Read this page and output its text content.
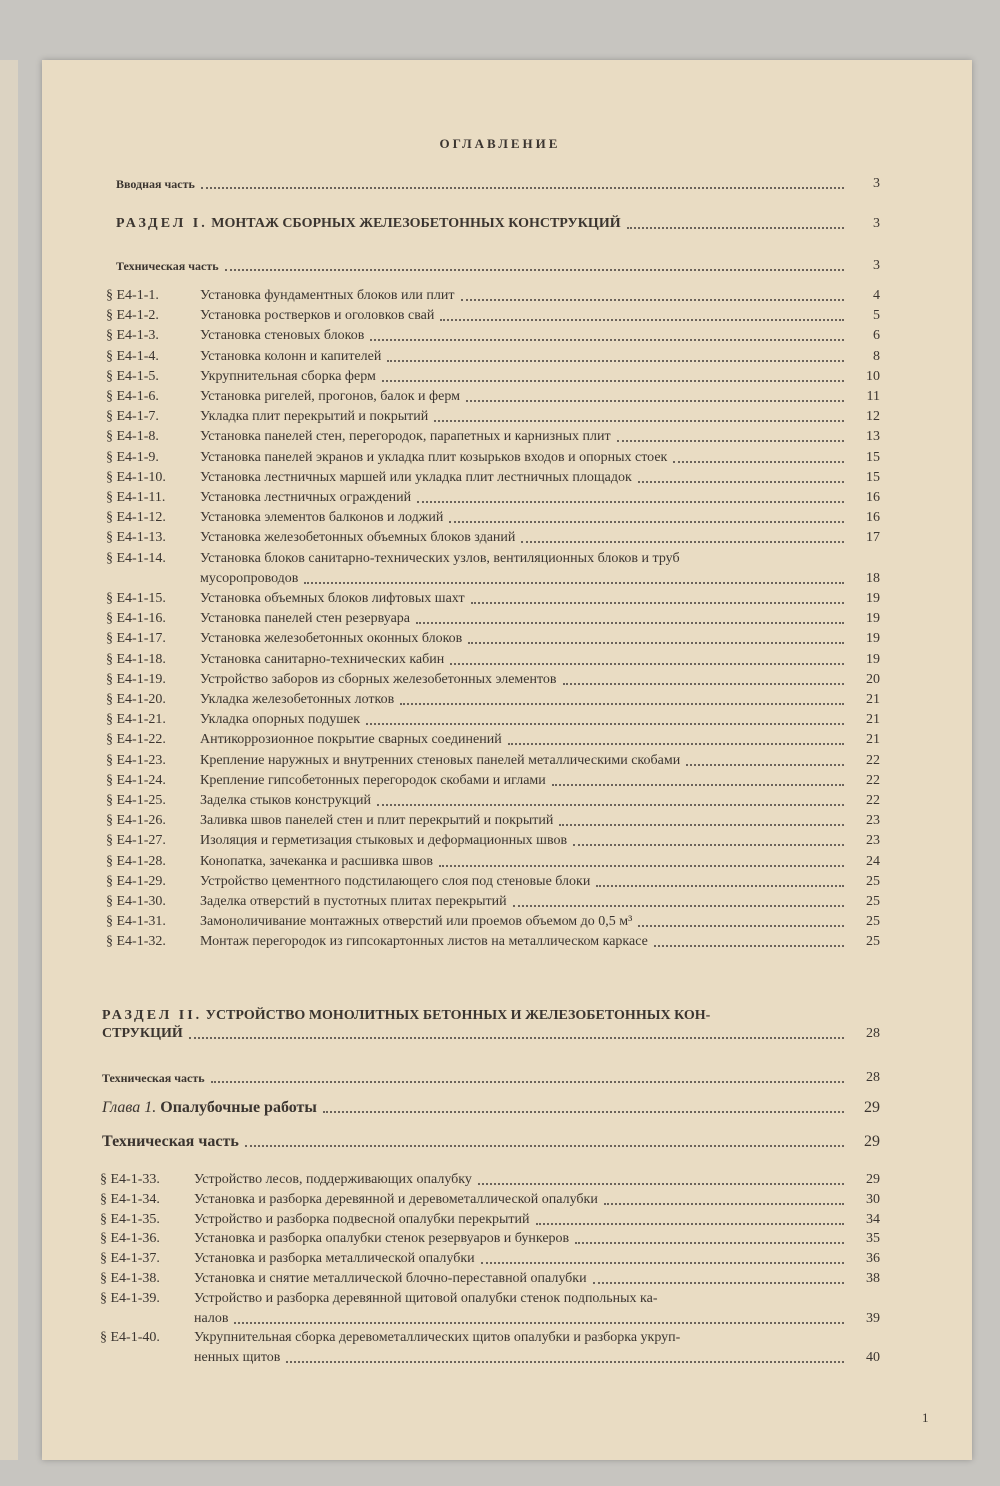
ОГЛАВЛЕНИЕ
Вводная часть	3
РАЗДЕЛ I. МОНТАЖ СБОРНЫХ ЖЕЛЕЗОБЕТОННЫХ КОНСТРУКЦИЙ	3
Техническая часть	3
§ Е4-1-1.	Установка фундаментных блоков или плит	4
§ Е4-1-2.	Установка ростверков и оголовков свай	5
§ Е4-1-3.	Установка стеновых блоков	6
§ Е4-1-4.	Установка колонн и капителей	8
§ Е4-1-5.	Укрупнительная сборка ферм	10
§ Е4-1-6.	Установка ригелей, прогонов, балок и ферм	11
§ Е4-1-7.	Укладка плит перекрытий и покрытий	12
§ Е4-1-8.	Установка панелей стен, перегородок, парапетных и карнизных плит	13
§ Е4-1-9.	Установка панелей экранов и укладка плит козырьков входов и опорных стоек	15
§ Е4-1-10.	Установка лестничных маршей или укладка плит лестничных площадок	15
§ Е4-1-11.	Установка лестничных ограждений	16
§ Е4-1-12.	Установка элементов балконов и лоджий	16
§ Е4-1-13.	Установка железобетонных объемных блоков зданий	17
§ Е4-1-14.	Установка блоков санитарно-технических узлов, вентиляционных блоков и труб
мусоропроводов	18
§ Е4-1-15.	Установка объемных блоков лифтовых шахт	19
§ Е4-1-16.	Установка панелей стен резервуара	19
§ Е4-1-17.	Установка железобетонных оконных блоков	19
§ Е4-1-18.	Установка санитарно-технических кабин	19
§ Е4-1-19.	Устройство заборов из сборных железобетонных элементов	20
§ Е4-1-20.	Укладка железобетонных лотков	21
§ Е4-1-21.	Укладка опорных подушек	21
§ Е4-1-22.	Антикоррозионное покрытие сварных соединений	21
§ Е4-1-23.	Крепление наружных и внутренних стеновых панелей металлическими скобами	22
§ Е4-1-24.	Крепление гипсобетонных перегородок скобами и иглами	22
§ Е4-1-25.	Заделка стыков конструкций	22
§ Е4-1-26.	Заливка швов панелей стен и плит перекрытий и покрытий	23
§ Е4-1-27.	Изоляция и герметизация стыковых и деформационных швов	23
§ Е4-1-28.	Конопатка, зачеканка и расшивка швов	24
§ Е4-1-29.	Устройство цементного подстилающего слоя под стеновые блоки	25
§ Е4-1-30.	Заделка отверстий в пустотных плитах перекрытий	25
§ Е4-1-31.	Замоноличивание монтажных отверстий или проемов объемом до 0,5 м³	25
§ Е4-1-32.	Монтаж перегородок из гипсокартонных листов на металлическом каркасе	25
РАЗДЕЛ II. УСТРОЙСТВО МОНОЛИТНЫХ БЕТОННЫХ И ЖЕЛЕЗОБЕТОННЫХ КОН-
СТРУКЦИЙ	28
Техническая часть	28
Глава 1. Опалубочные работы	29
Техническая часть	29
§ Е4-1-33.	Устройство лесов, поддерживающих опалубку	29
§ Е4-1-34.	Установка и разборка деревянной и деревометаллической опалубки	30
§ Е4-1-35.	Устройство и разборка подвесной опалубки перекрытий	34
§ Е4-1-36.	Установка и разборка опалубки стенок резервуаров и бункеров	35
§ Е4-1-37.	Установка и разборка металлической опалубки	36
§ Е4-1-38.	Установка и снятие металлической блочно-переставной опалубки	38
§ Е4-1-39.	Устройство и разборка деревянной щитовой опалубки стенок подпольных ка-
налов	39
§ Е4-1-40.	Укрупнительная сборка деревометаллических щитов опалубки и разборка укруп-
ненных щитов	40
1
